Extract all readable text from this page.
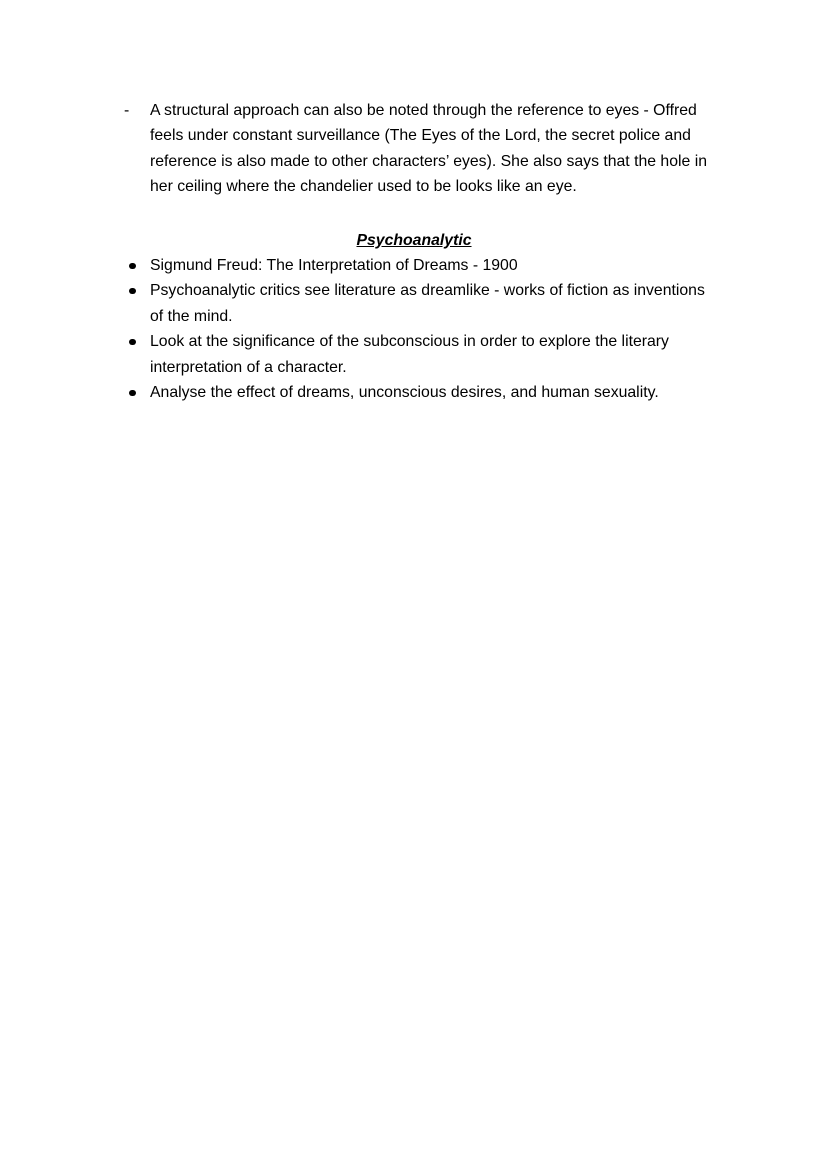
- A structural approach can also be noted through the reference to eyes - Offred feels under constant surveillance (The Eyes of the Lord, the secret police and reference is also made to other characters’ eyes). She also says that the hole in her ceiling where the chandelier used to be looks like an eye.
Psychoanalytic
Sigmund Freud: The Interpretation of Dreams - 1900
Psychoanalytic critics see literature as dreamlike - works of fiction as inventions of the mind.
Look at the significance of the subconscious in order to explore the literary interpretation of a character.
Analyse the effect of dreams, unconscious desires, and human sexuality.
